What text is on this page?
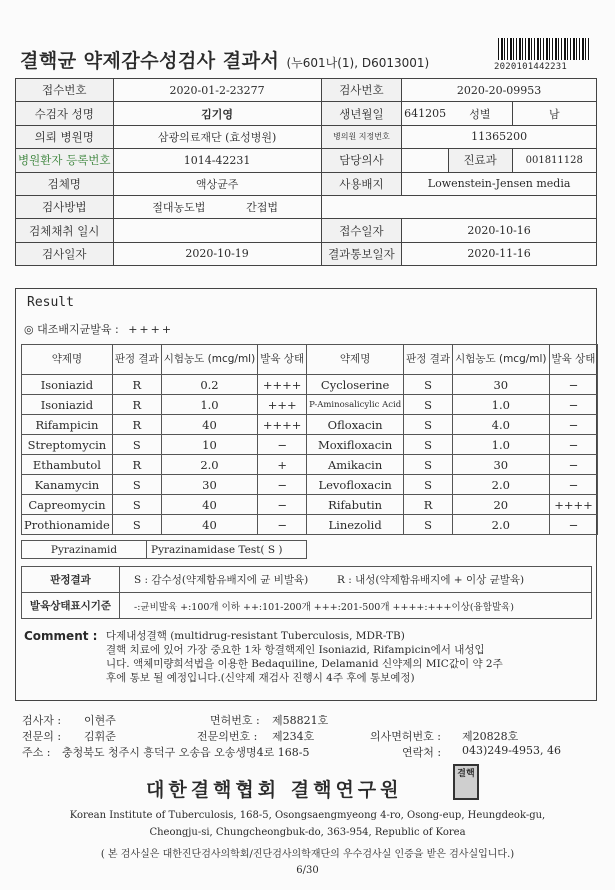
결핵균 약제감수성검사 결과서 (누601나(1), D6013001)	2020101442231
접수번호	2020-01-2-23277		검사번호	2020-20-09953		
수검자 성명	김기영		생년월일	641205	성별	남
의뢰 병원명	삼광의료재단 (효성병원)		병의원 지정번호	11365200		
병원환자 등록번호	1014-42231		담당의사		진료과	001811128
검체명	액상균주		사용배지	Lowenstein-Jensen media		
검사방법	절대농도법	간접법				
검체채취 일시			접수일자	2020-10-16		
검사일자	2020-10-19		결과통보일자	2020-11-16		
Result
◎ 대조배지균발육 : ++++
약제명	판정 결과	시험농도 (mcg/ml)	발육 상태	약제명	판정 결과	시험농도 (mcg/ml)	발육 상태
Isoniazid	R	0.2	++++	Cycloserine	S	30	−
Isoniazid	R	1.0	+++	P-Aminosalicylic Acid	S	1.0	−
Rifampicin	R	40	++++	Ofloxacin	S	4.0	−
Streptomycin	S	10	−	Moxifloxacin	S	1.0	−
Ethambutol	R	2.0	+	Amikacin	S	30	−
Kanamycin	S	30	−	Levofloxacin	S	2.0	−
Capreomycin	S	40	−	Rifabutin	R	20	++++
Prothionamide	S	40	−	Linezolid	S	2.0	−
Pyrazinamid	Pyrazinamidase Test( S )
판정결과	S : 감수성(약제함유배지에 균 비발육) R : 내성(약제함유배지에 + 이상 균발육)
발육상태표시기준	-:균비발육 +:100개 이하 ++:101-200개 +++:201-500개 ++++:+++이상(융합발육)
Comment : 다제내성결핵 (multidrug-resistant Tuberculosis, MDR-TB)
결핵 치료에 있어 가장 중요한 1차 항결핵제인 Isoniazid, Rifampicin에서 내성입
니다. 액체미량희석법을 이용한 Bedaquiline, Delamanid 신약제의 MIC값이 약 2주
후에 통보 될 예정입니다.(신약제 재검사 진행시 4주 후에 통보예정)
검사자 : 이현주	면허번호 : 제58821호
전문의 : 김휘준	전문의번호 : 제234호	의사면허번호 : 제20828호
주소 : 충청북도 청주시 흥덕구 오송읍 오송생명4로 168-5	연락처 : 043)249-4953, 46
대한결핵협회 결핵연구원
결핵
Korean Institute of Tuberculosis, 168-5, Osongsaengmyeong 4-ro, Osong-eup, Heungdeok-gu,
Cheongju-si, Chungcheongbuk-do, 363-954, Republic of Korea
( 본 검사실은 대한진단검사의학회/진단검사의학재단의 우수검사실 인증을 받은 검사실입니다.)
6/30
